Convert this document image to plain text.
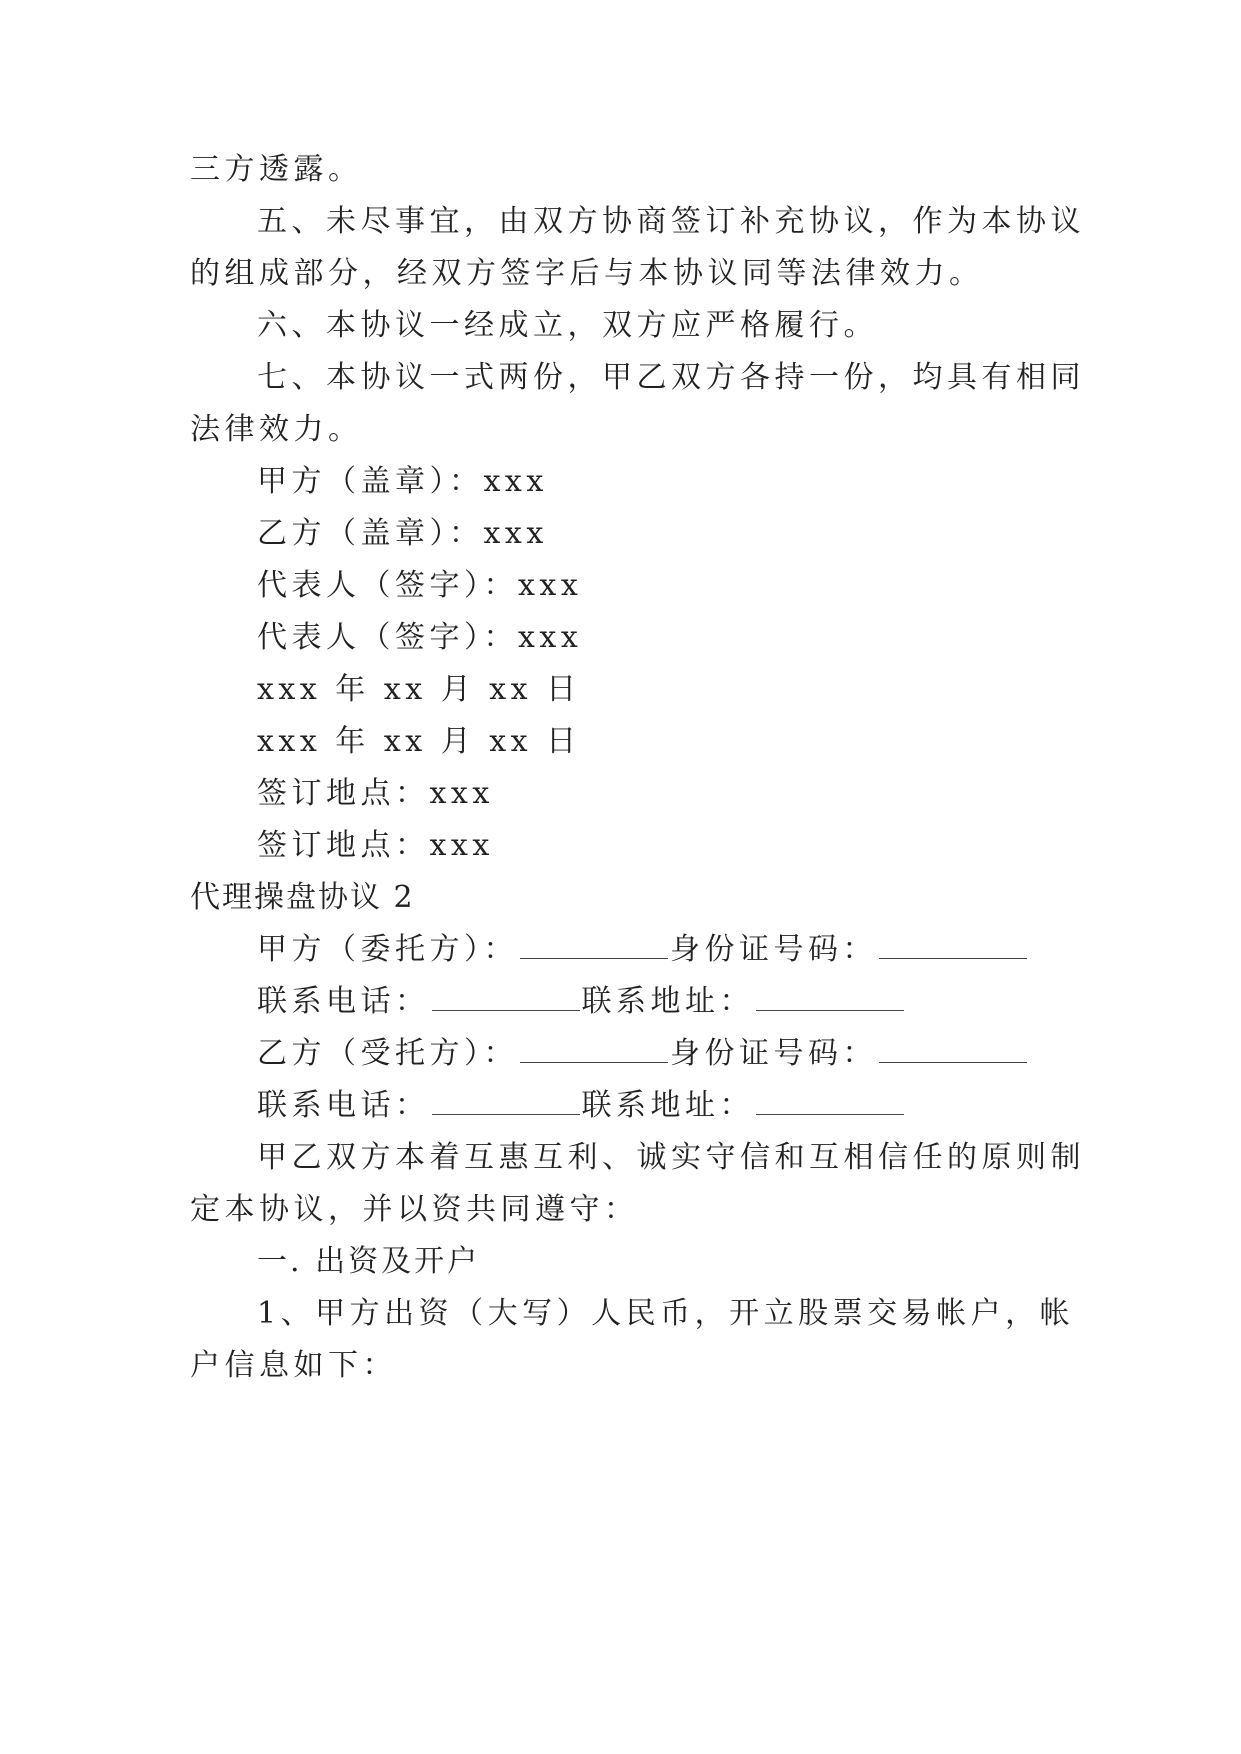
三方透露。
五、未尽事宜，由双方协商签订补充协议，作为本协议
的组成部分，经双方签字后与本协议同等法律效力。
六、本协议一经成立，双方应严格履行。
七、本协议一式两份，甲乙双方各持一份，均具有相同
法律效力。
甲方（盖章）：xxx
乙方（盖章）：xxx
代表人（签字）：xxx
代表人（签字）：xxx
xxx 年 xx 月 xx 日
xxx 年 xx 月 xx 日
签订地点：xxx
签订地点：xxx
代理操盘协议 2
甲方（委托方）：	身份证号码：
联系电话：	联系地址：
乙方（受托方）：	身份证号码：
联系电话：	联系地址：
甲乙双方本着互惠互利、诚实守信和互相信任的原则制
定本协议，并以资共同遵守：
一. 出资及开户
1、甲方出资（大写）人民币，开立股票交易帐户，帐
户信息如下：
